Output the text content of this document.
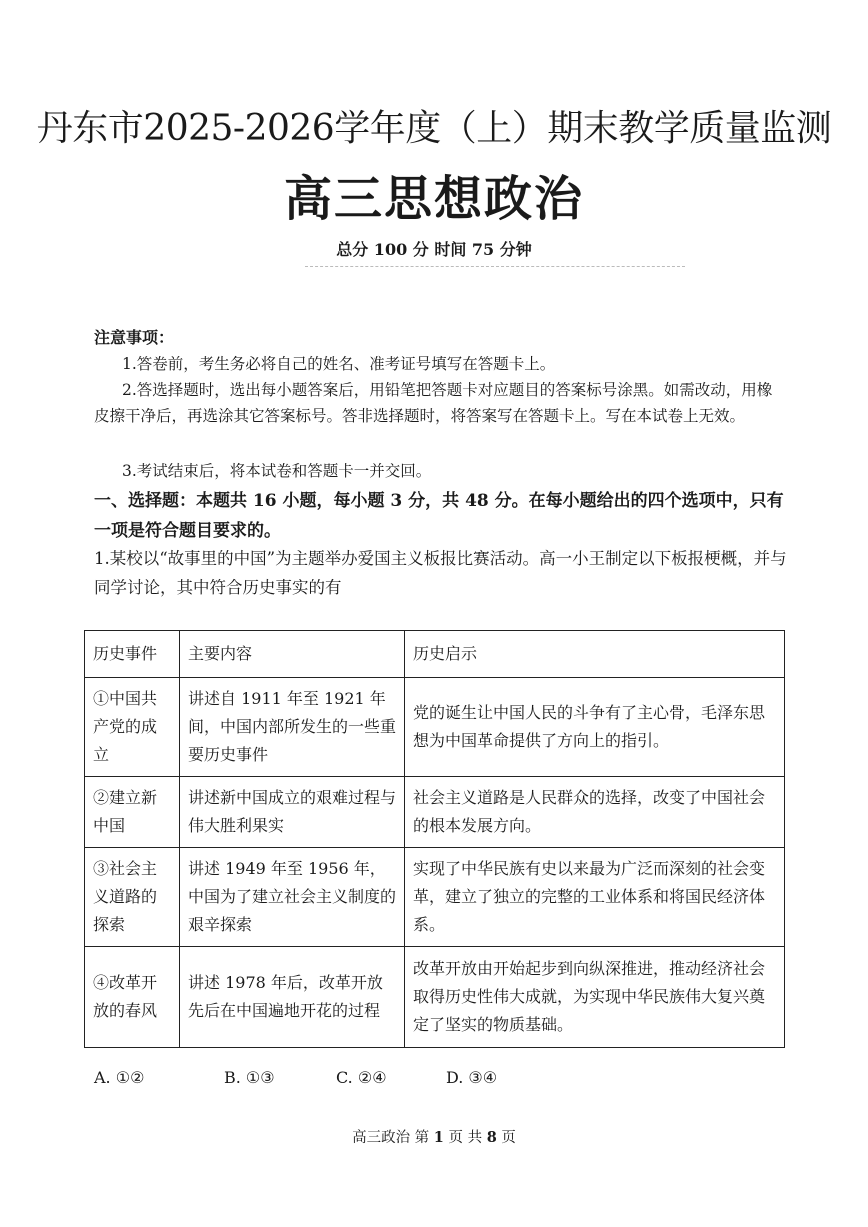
丹东市2025-2026学年度（上）期末教学质量监测
高三思想政治
总分 100 分 时间 75 分钟
注意事项：
1.答卷前，考生务必将自己的姓名、准考证号填写在答题卡上。
2.答选择题时，选出每小题答案后，用铅笔把答题卡对应题目的答案标号涂黑。如需改动，用橡皮擦干净后，再选涂其它答案标号。答非选择题时，将答案写在答题卡上。写在本试卷上无效。
3.考试结束后，将本试卷和答题卡一并交回。
一、选择题：本题共 16 小题，每小题 3 分，共 48 分。在每小题给出的四个选项中，只有一项是符合题目要求的。
1.某校以“故事里的中国”为主题举办爱国主义板报比赛活动。高一小王制定以下板报梗概，并与同学讨论，其中符合历史事实的有
历史事件	主要内容	历史启示
①中国共产党的成立	讲述自 1911 年至 1921 年间，中国内部所发生的一些重要历史事件	党的诞生让中国人民的斗争有了主心骨，毛泽东思想为中国革命提供了方向上的指引。
②建立新中国	讲述新中国成立的艰难过程与伟大胜利果实	社会主义道路是人民群众的选择，改变了中国社会的根本发展方向。
③社会主义道路的探索	讲述 1949 年至 1956 年，中国为了建立社会主义制度的艰辛探索	实现了中华民族有史以来最为广泛而深刻的社会变革，建立了独立的完整的工业体系和将国民经济体系。
④改革开放的春风	讲述 1978 年后，改革开放先后在中国遍地开花的过程	改革开放由开始起步到向纵深推进，推动经济社会取得历史性伟大成就，为实现中华民族伟大复兴奠定了坚实的物质基础。
A. ①②	B. ①③	C. ②④	D. ③④
高三政治 第 1 页 共 8 页
